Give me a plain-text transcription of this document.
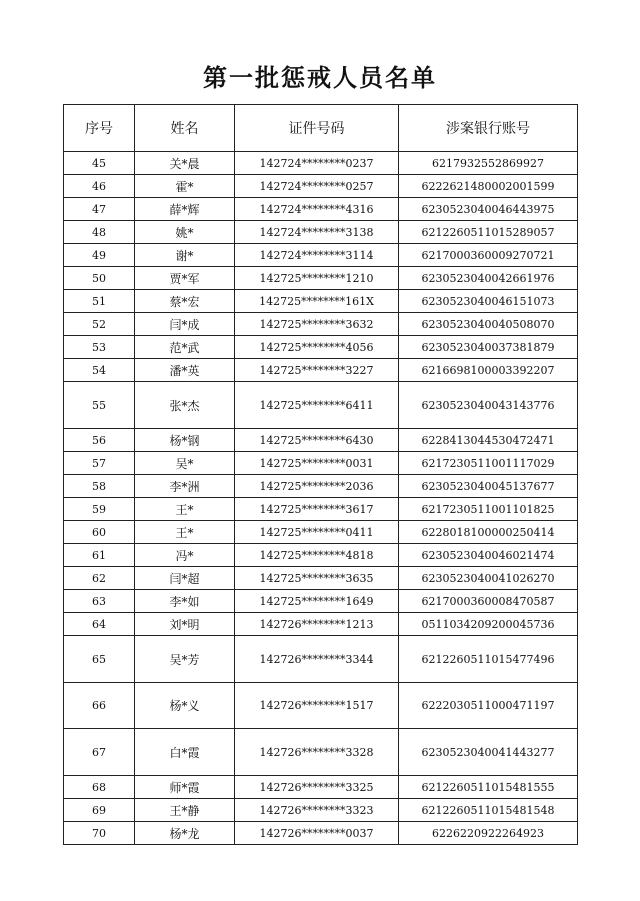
第一批惩戒人员名单
序号	姓名	证件号码	涉案银行账号
45	关*晨	142724********0237	6217932552869927
46	霍*	142724********0257	6222621480002001599
47	薛*辉	142724********4316	6230523040046443975
48	姚*	142724********3138	6212260511015289057
49	谢*	142724********3114	6217000360009270721
50	贾*军	142725********1210	6230523040042661976
51	蔡*宏	142725********161X	6230523040046151073
52	闫*成	142725********3632	6230523040040508070
53	范*武	142725********4056	6230523040037381879
54	潘*英	142725********3227	6216698100003392207
55	张*杰	142725********6411	6230523040043143776
56	杨*钢	142725********6430	6228413044530472471
57	吴*	142725********0031	6217230511001117029
58	李*洲	142725********2036	6230523040045137677
59	王*	142725********3617	6217230511001101825
60	王*	142725********0411	6228018100000250414
61	冯*	142725********4818	6230523040046021474
62	闫*超	142725********3635	6230523040041026270
63	李*如	142725********1649	6217000360008470587
64	刘*明	142726********1213	0511034209200045736
65	吴*芳	142726********3344	6212260511015477496
66	杨*义	142726********1517	6222030511000471197
67	白*霞	142726********3328	6230523040041443277
68	师*霞	142726********3325	6212260511015481555
69	王*静	142726********3323	6212260511015481548
70	杨*龙	142726********0037	6226220922264923
